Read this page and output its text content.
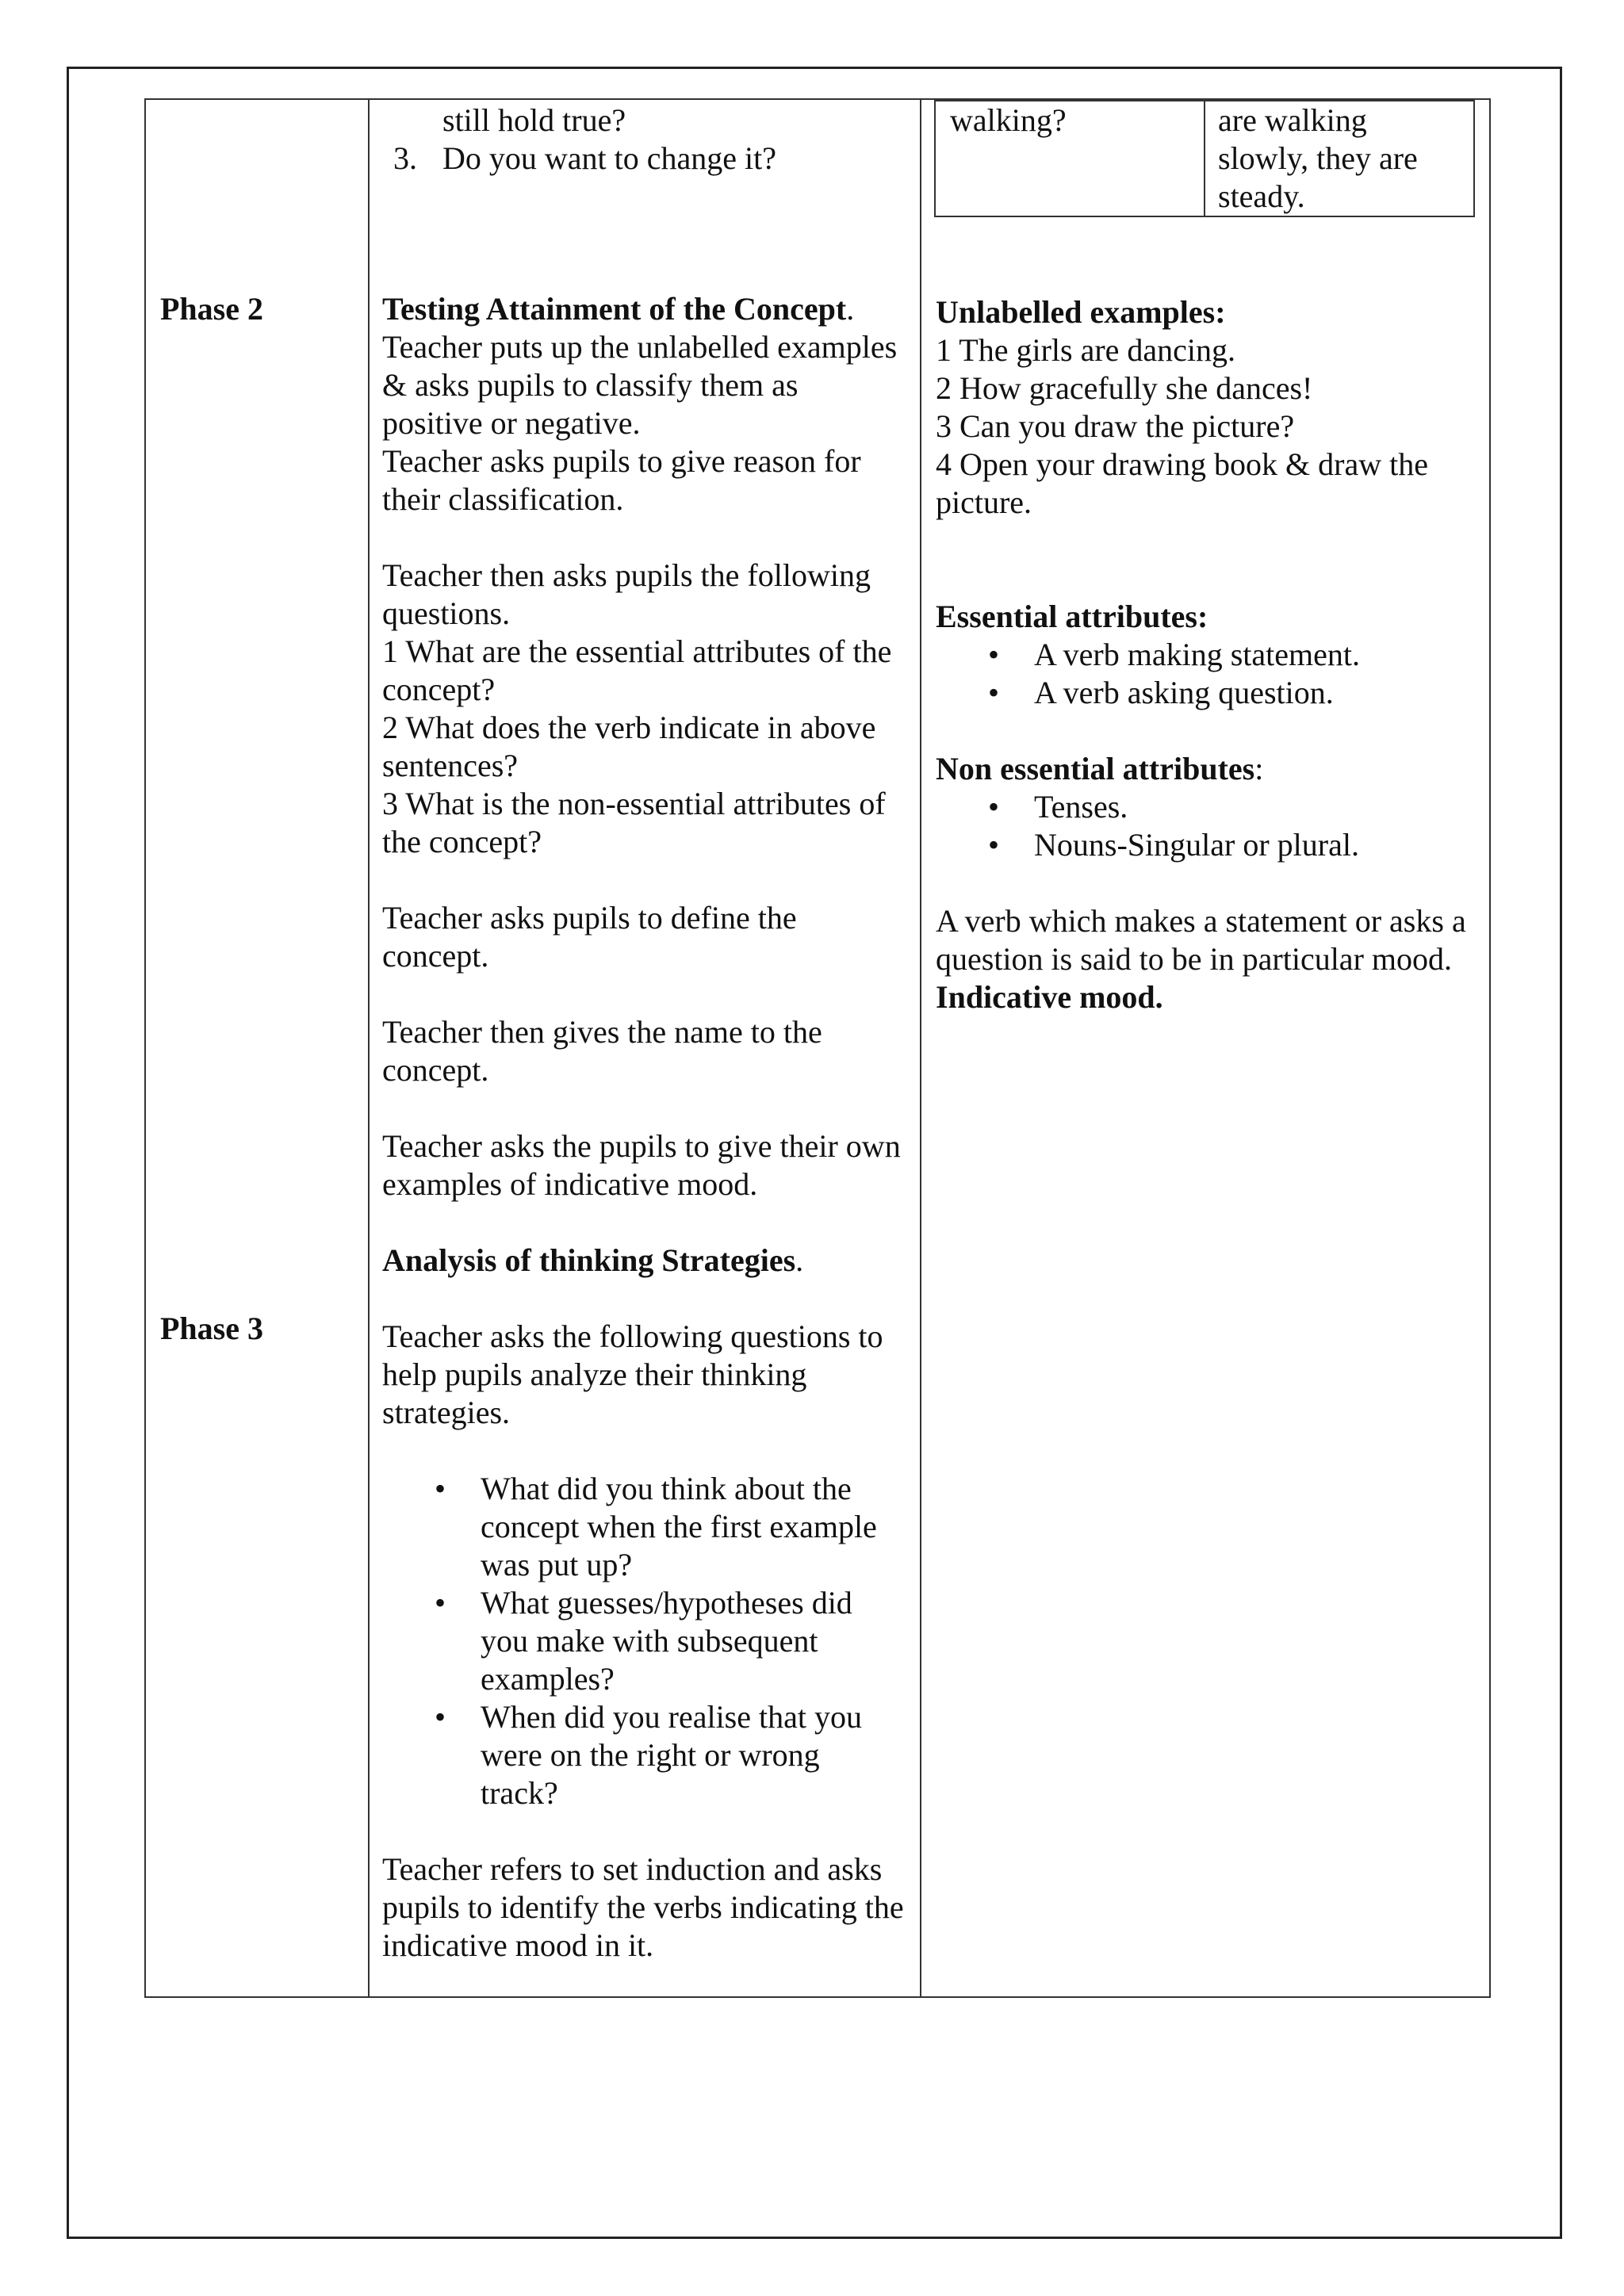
Phase 2
Phase 3
still hold true?
3. Do you want to change it?
Testing Attainment of the Concept.
Teacher puts up the unlabelled examples & asks pupils to classify them as positive or negative.
Teacher asks pupils to give reason for their classification.
Teacher then asks pupils the following questions.
1 What are the essential attributes of the concept?
2 What does the verb indicate in above sentences?
3 What is the non-essential attributes of the concept?
Teacher asks pupils to define the concept.
Teacher then gives the name to the concept.
Teacher asks the pupils to give their own examples of indicative mood.
Analysis of thinking Strategies.
Teacher asks the following questions to help pupils analyze their thinking strategies.
• What did you think about the concept when the first example was put up?
• What guesses/hypotheses did you make with subsequent examples?
• When did you realise that you were on the right or wrong track?
Teacher refers to set induction and asks pupils to identify the verbs indicating the indicative mood in it.
walking?	are walking slowly, they are steady.
Unlabelled examples:
1 The girls are dancing.
2 How gracefully she dances!
3 Can you draw the picture?
4 Open your drawing book & draw the picture.
Essential attributes:
• A verb making statement.
• A verb asking question.
Non essential attributes:
• Tenses.
• Nouns-Singular or plural.
A verb which makes a statement or asks a question is said to be in particular mood.
Indicative mood.
